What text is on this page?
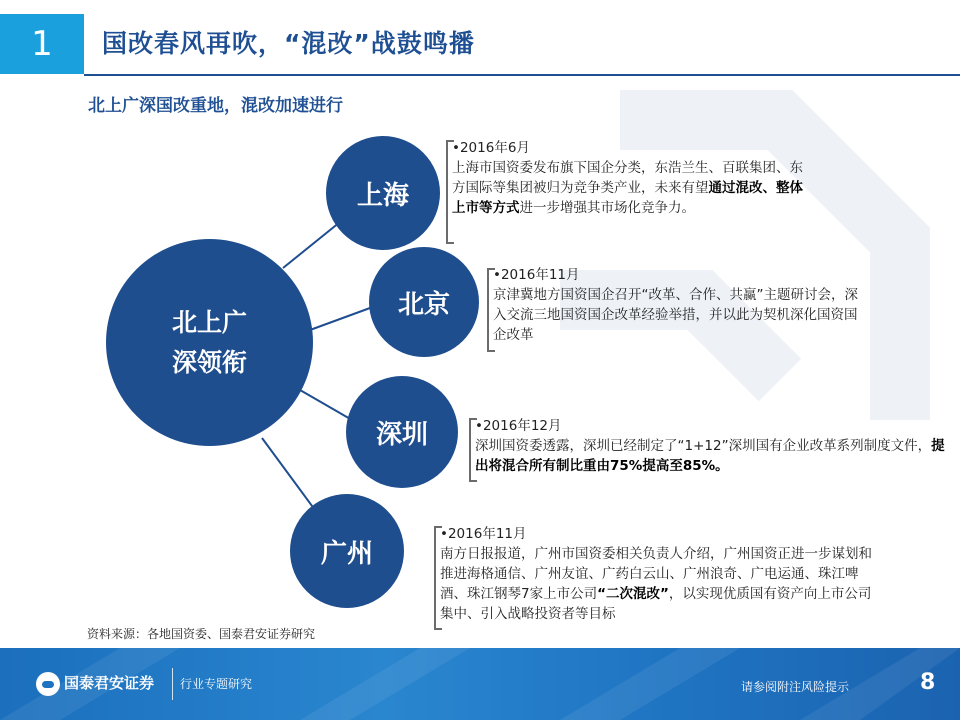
1 国改春风再吹，“混改”战鼓鸣播
北上广深国改重地，混改加速进行
北上广
深领衔
上海
北京
深圳
广州
•2016年6月
上海市国资委发布旗下国企分类，东浩兰生、百联集团、东方国际等集团被归为竞争类产业，未来有望通过混改、整体上市等方式进一步增强其市场化竞争力。
•2016年11月
京津冀地方国资国企召开“改革、合作、共赢”主题研讨会，深入交流三地国资国企改革经验举措，并以此为契机深化国资国企改革
•2016年12月
深圳国资委透露，深圳已经制定了“1+12”深圳国有企业改革系列制度文件，提出将混合所有制比重由75%提高至85%。
•2016年11月
南方日报报道，广州市国资委相关负责人介绍，广州国资正进一步谋划和推进海格通信、广州友谊、广药白云山、广州浪奇、广电运通、珠江啤酒、珠江钢琴7家上市公司“二次混改”，以实现优质国有资产向上市公司集中、引入战略投资者等目标
资料来源：各地国资委、国泰君安证券研究
国泰君安证券 行业专题研究	请参阅附注风险提示	8
